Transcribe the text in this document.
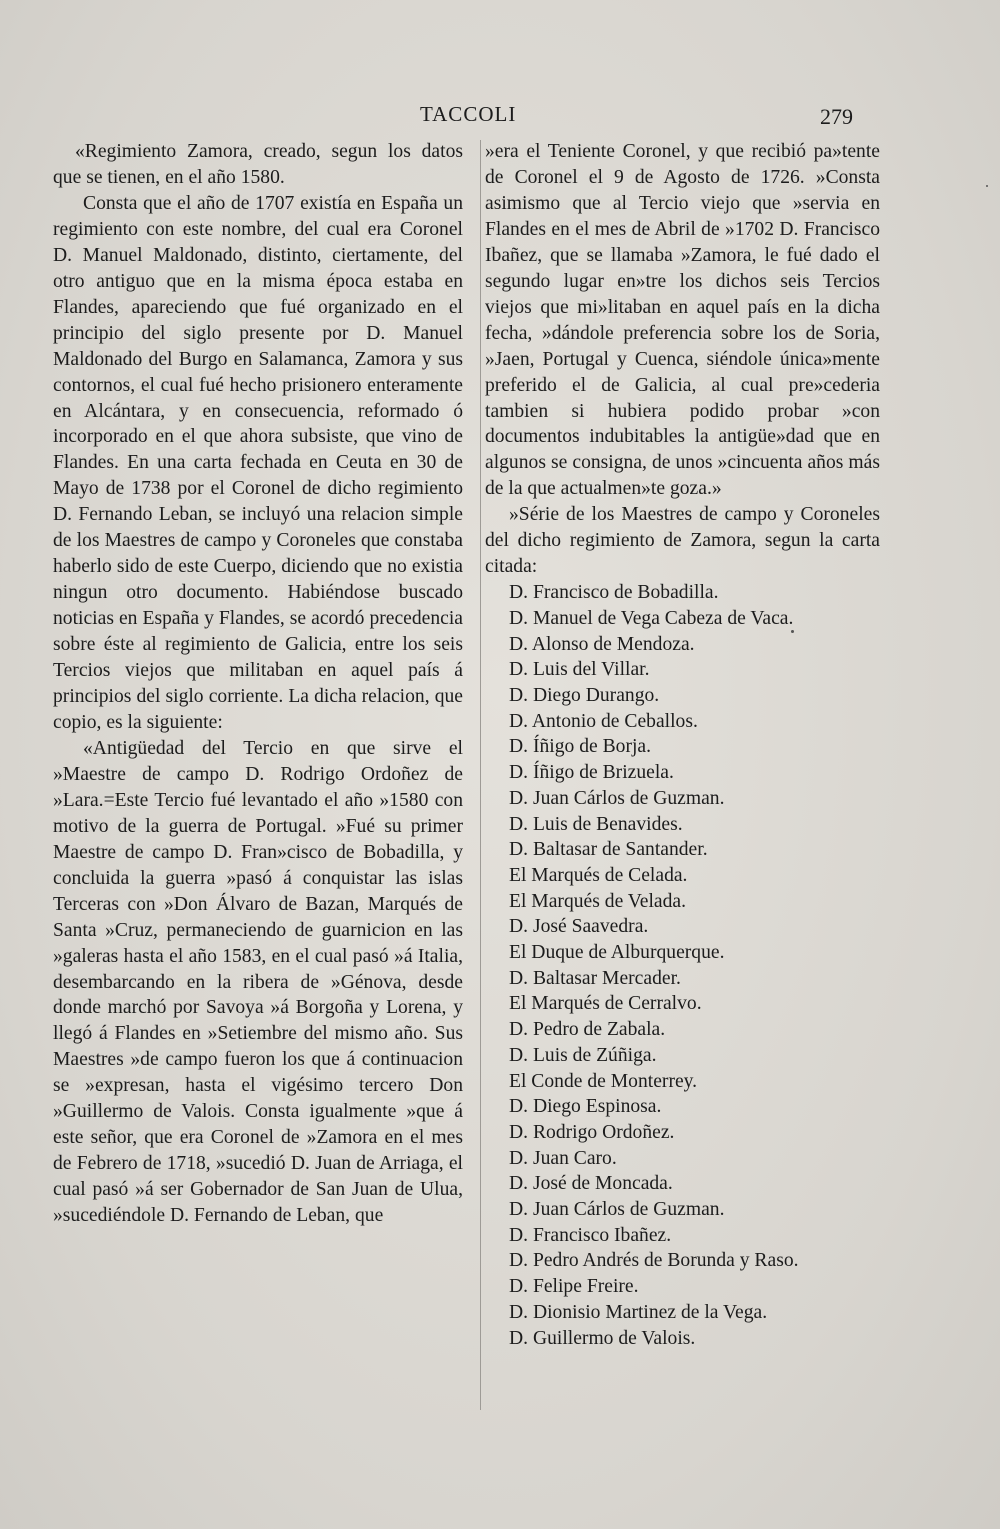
TACCOLI	279

«Regimiento Zamora, creado, segun los datos que se tienen, en el año 1580.

Consta que el año de 1707 existía en España un regimiento con este nombre, del cual era Coronel D. Manuel Maldonado, distinto, ciertamente, del otro antiguo que en la misma época estaba en Flandes, apareciendo que fué organizado en el principio del siglo presente por D. Manuel Maldonado del Burgo en Salamanca, Zamora y sus contornos, el cual fué hecho prisionero enteramente en Alcántara, y en consecuencia, reformado ó incorporado en el que ahora subsiste, que vino de Flandes. En una carta fechada en Ceuta en 30 de Mayo de 1738 por el Coronel de dicho regimiento D. Fernando Leban, se incluyó una relacion simple de los Maestres de campo y Coroneles que constaba haberlo sido de este Cuerpo, diciendo que no existia ningun otro documento. Habiéndose buscado noticias en España y Flandes, se acordó precedencia sobre éste al regimiento de Galicia, entre los seis Tercios viejos que militaban en aquel país á principios del siglo corriente. La dicha relacion, que copio, es la siguiente:

«Antigüedad del Tercio en que sirve el »Maestre de campo D. Rodrigo Ordoñez de »Lara.=Este Tercio fué levantado el año »1580 con motivo de la guerra de Portugal. »Fué su primer Maestre de campo D. Fran»cisco de Bobadilla, y concluida la guerra »pasó á conquistar las islas Terceras con »Don Álvaro de Bazan, Marqués de Santa »Cruz, permaneciendo de guarnicion en las »galeras hasta el año 1583, en el cual pasó »á Italia, desembarcando en la ribera de »Génova, desde donde marchó por Savoya »á Borgoña y Lorena, y llegó á Flandes en »Setiembre del mismo año. Sus Maestres »de campo fueron los que á continuacion se »expresan, hasta el vigésimo tercero Don »Guillermo de Valois. Consta igualmente »que á este señor, que era Coronel de »Zamora en el mes de Febrero de 1718, »sucedió D. Juan de Arriaga, el cual pasó »á ser Gobernador de San Juan de Ulua, »sucediéndole D. Fernando de Leban, que

»era el Teniente Coronel, y que recibió pa»tente de Coronel el 9 de Agosto de 1726. »Consta asimismo que al Tercio viejo que »servia en Flandes en el mes de Abril de »1702 D. Francisco Ibañez, que se llamaba »Zamora, le fué dado el segundo lugar en»tre los dichos seis Tercios viejos que mi»litaban en aquel país en la dicha fecha, »dándole preferencia sobre los de Soria, »Jaen, Portugal y Cuenca, siéndole única»mente preferido el de Galicia, al cual pre»cederia tambien si hubiera podido probar »con documentos indubitables la antigüe»dad que en algunos se consigna, de unos »cincuenta años más de la que actualmen»te goza.»

»Série de los Maestres de campo y Coroneles del dicho regimiento de Zamora, segun la carta citada:

D. Francisco de Bobadilla.
D. Manuel de Vega Cabeza de Vaca.
D. Alonso de Mendoza.
D. Luis del Villar.
D. Diego Durango.
D. Antonio de Ceballos.
D. Íñigo de Borja.
D. Íñigo de Brizuela.
D. Juan Cárlos de Guzman.
D. Luis de Benavides.
D. Baltasar de Santander.
El Marqués de Celada.
El Marqués de Velada.
D. José Saavedra.
El Duque de Alburquerque.
D. Baltasar Mercader.
El Marqués de Cerralvo.
D. Pedro de Zabala.
D. Luis de Zúñiga.
El Conde de Monterrey.
D. Diego Espinosa.
D. Rodrigo Ordoñez.
D. Juan Caro.
D. José de Moncada.
D. Juan Cárlos de Guzman.
D. Francisco Ibañez.
D. Pedro Andrés de Borunda y Raso.
D. Felipe Freire.
D. Dionisio Martinez de la Vega.
D. Guillermo de Valois.
